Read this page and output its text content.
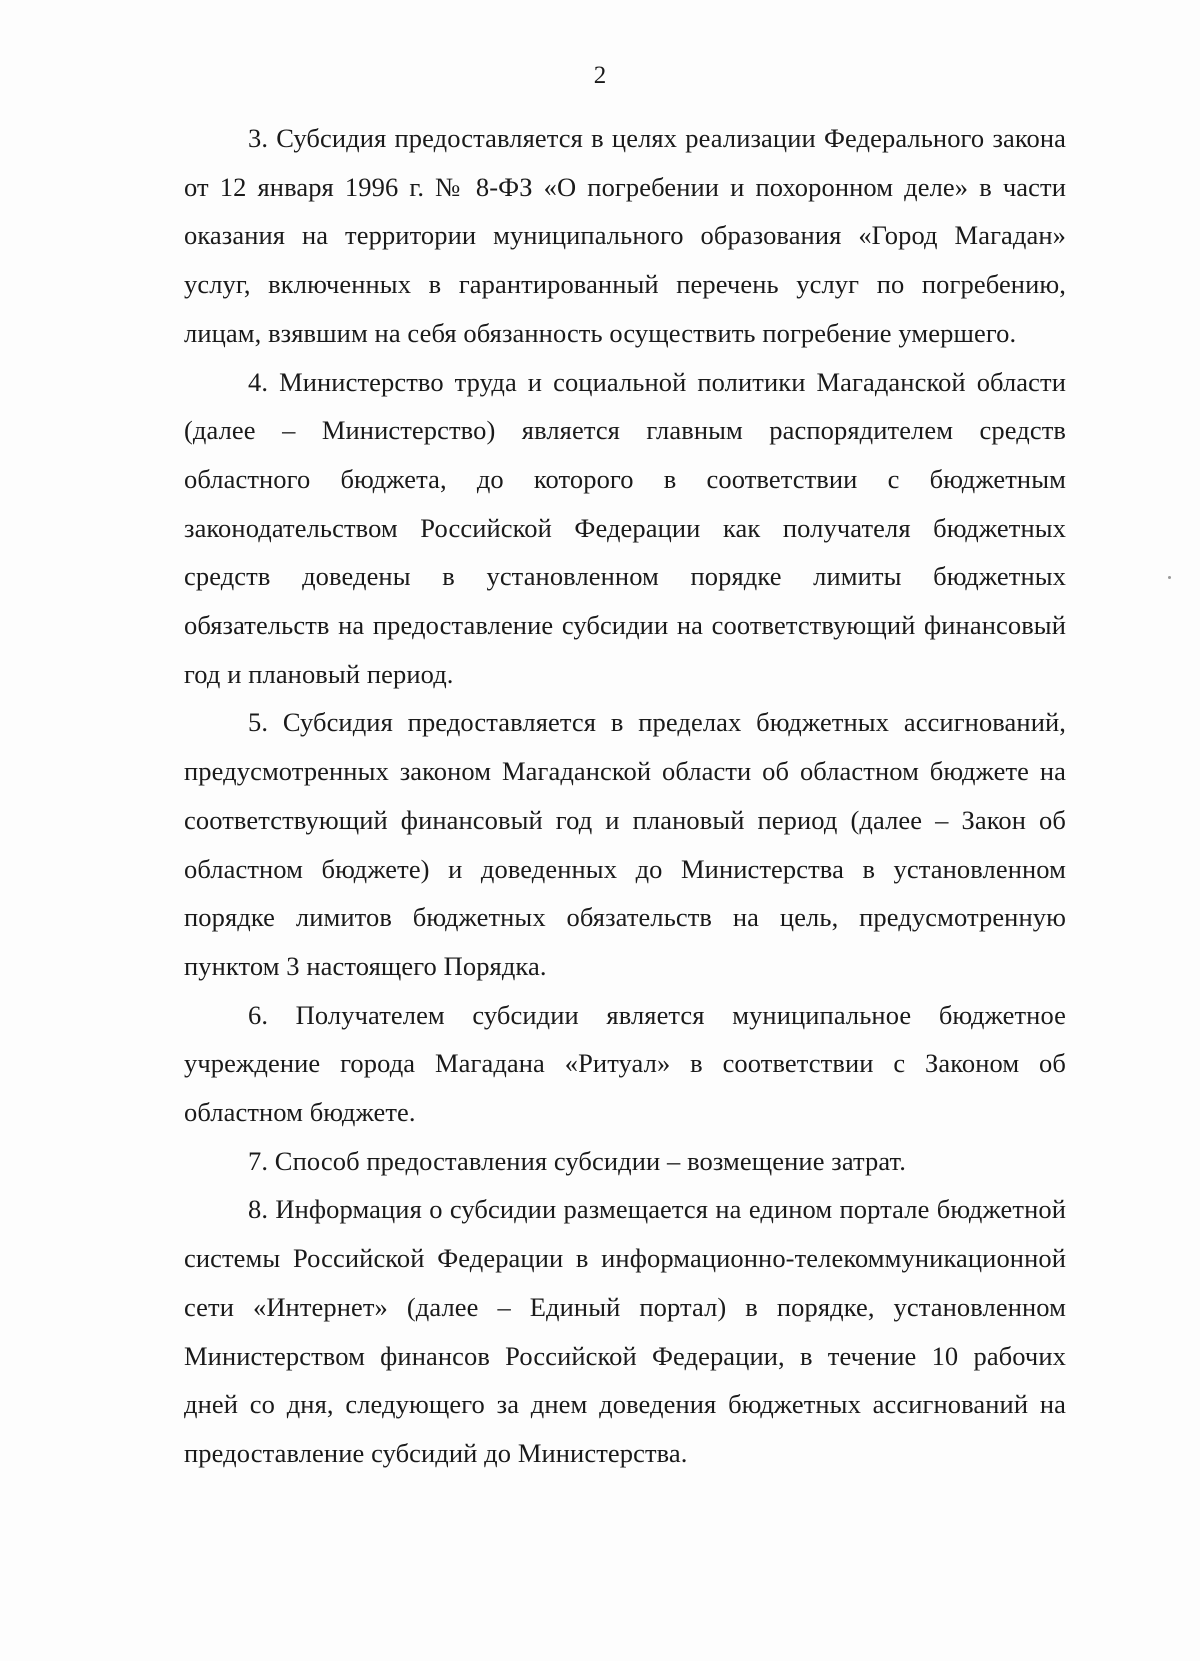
2

3. Субсидия предоставляется в целях реализации Федерального закона от 12 января 1996 г. № 8-ФЗ «О погребении и похоронном деле» в части оказания на территории муниципального образования «Город Магадан» услуг, включенных в гарантированный перечень услуг по погребению, лицам, взявшим на себя обязанность осуществить погребение умершего.

4. Министерство труда и социальной политики Магаданской области (далее – Министерство) является главным распорядителем средств областного бюджета, до которого в соответствии с бюджетным законодательством Российской Федерации как получателя бюджетных средств доведены в установленном порядке лимиты бюджетных обязательств на предоставление субсидии на соответствующий финансовый год и плановый период.

5. Субсидия предоставляется в пределах бюджетных ассигнований, предусмотренных законом Магаданской области об областном бюджете на соответствующий финансовый год и плановый период (далее – Закон об областном бюджете) и доведенных до Министерства в установленном порядке лимитов бюджетных обязательств на цель, предусмотренную пунктом 3 настоящего Порядка.

6. Получателем субсидии является муниципальное бюджетное учреждение города Магадана «Ритуал» в соответствии с Законом об областном бюджете.

7. Способ предоставления субсидии – возмещение затрат.

8. Информация о субсидии размещается на едином портале бюджетной системы Российской Федерации в информационно-телекоммуникационной сети «Интернет» (далее – Единый портал) в порядке, установленном Министерством финансов Российской Федерации, в течение 10 рабочих дней со дня, следующего за днем доведения бюджетных ассигнований на предоставление субсидий до Министерства.
